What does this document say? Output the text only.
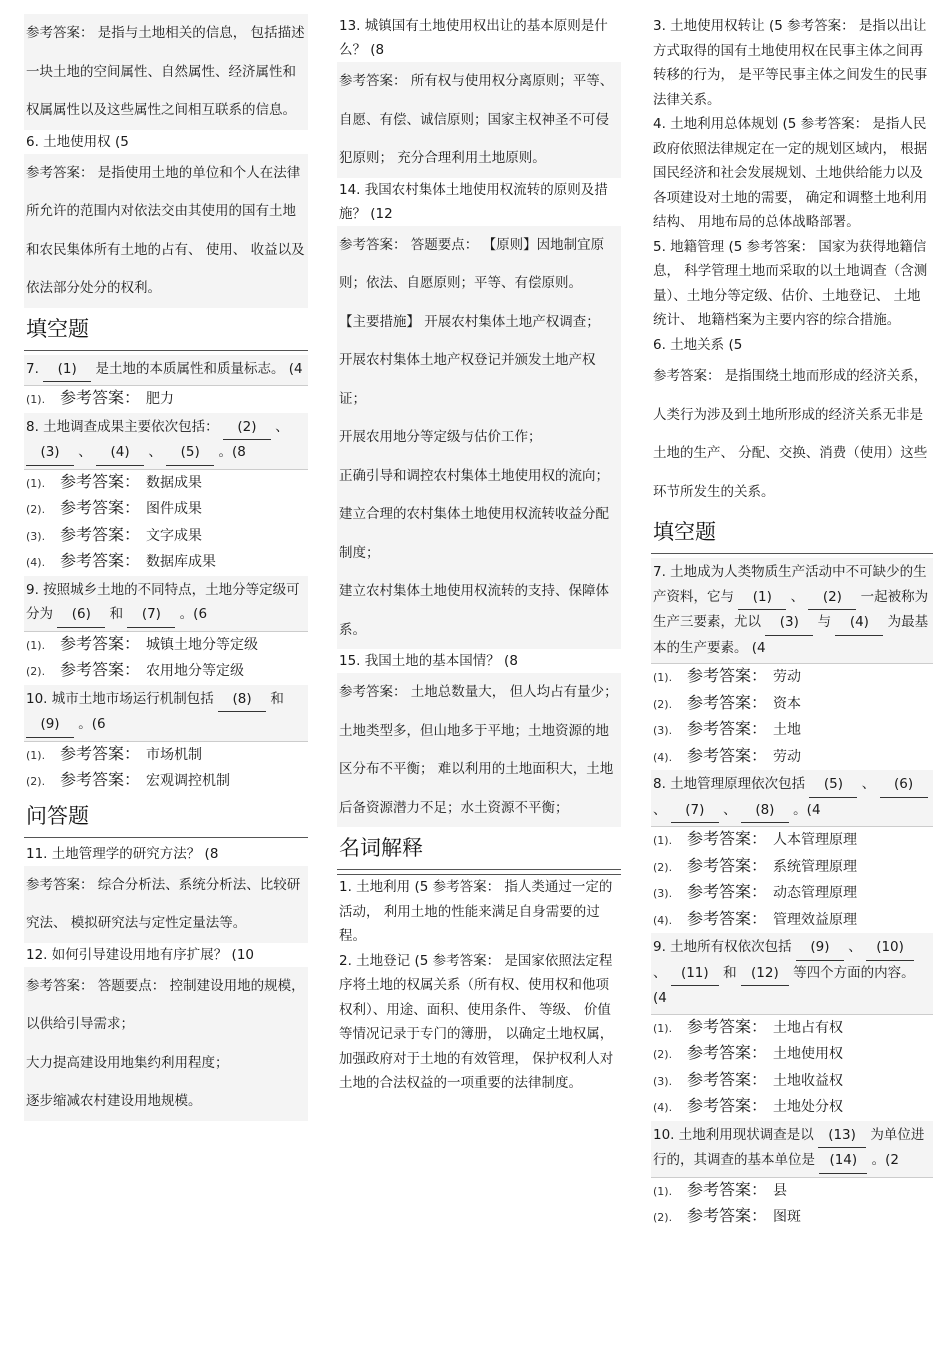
参考答案： 是指与土地相关的信息， 包括描述一块土地的空间属性、自然属性、经济属性和权属属性以及这些属性之间相互联系的信息。
6. 土地使用权 (5
参考答案： 是指使用土地的单位和个人在法律所允许的范围内对依法交由其使用的国有土地和农民集体所有土地的占有、 使用、 收益以及依法部分处分的权利。
填空题
7. (1) 是土地的本质属性和质量标志。 (4
(1). 参考答案： 肥力
8. 土地调查成果主要依次包括： (2) 、 (3) 、 (4) 、 (5) 。(8
(1). 参考答案： 数据成果
(2). 参考答案： 图件成果
(3). 参考答案： 文字成果
(4). 参考答案： 数据库成果
9. 按照城乡土地的不同特点，土地分等定级可分为 (6) 和 (7) 。(6
(1). 参考答案： 城镇土地分等定级
(2). 参考答案： 农用地分等定级
10. 城市土地市场运行机制包括 (8) 和 (9) 。(6
(1). 参考答案： 市场机制
(2). 参考答案： 宏观调控机制
问答题
11. 土地管理学的研究方法？ (8
参考答案： 综合分析法、系统分析法、比较研究法、 模拟研究法与定性定量法等。
12. 如何引导建设用地有序扩展？ (10
参考答案： 答题要点： 控制建设用地的规模，以供给引导需求；
大力提高建设用地集约利用程度；
逐步缩减农村建设用地规模。
13. 城镇国有土地使用权出让的基本原则是什么？ (8
参考答案： 所有权与使用权分离原则；平等、自愿、有偿、诚信原则；国家主权神圣不可侵犯原则； 充分合理利用土地原则。
14. 我国农村集体土地使用权流转的原则及措施？ (12
参考答案： 答题要点： 【原则】因地制宜原则；依法、自愿原则；平等、有偿原则。
【主要措施】 开展农村集体土地产权调查；
开展农村集体土地产权登记并颁发土地产权证；
开展农用地分等定级与估价工作；
正确引导和调控农村集体土地使用权的流向；
建立合理的农村集体土地使用权流转收益分配制度；
建立农村集体土地使用权流转的支持、保障体系。
15. 我国土地的基本国情？ (8
参考答案： 土地总数量大， 但人均占有量少；土地类型多，但山地多于平地；土地资源的地区分布不平衡； 难以利用的土地面积大，土地后备资源潜力不足；水土资源不平衡；
名词解释
1. 土地利用 (5 参考答案： 指人类通过一定的活动， 利用土地的性能来满足自身需要的过程。
2. 土地登记 (5 参考答案： 是国家依照法定程序将土地的权属关系（所有权、使用权和他项权利）、用途、面积、使用条件、 等级、 价值等情况记录于专门的簿册， 以确定土地权属， 加强政府对于土地的有效管理， 保护权利人对土地的合法权益的一项重要的法律制度。
3. 土地使用权转让 (5 参考答案： 是指以出让方式取得的国有土地使用权在民事主体之间再转移的行为， 是平等民事主体之间发生的民事法律关系。
4. 土地利用总体规划 (5 参考答案： 是指人民政府依照法律规定在一定的规划区域内， 根据国民经济和社会发展规划、土地供给能力以及各项建设对土地的需要， 确定和调整土地利用结构、 用地布局的总体战略部署。
5. 地籍管理 (5 参考答案： 国家为获得地籍信息， 科学管理土地而采取的以土地调查（含测量）、土地分等定级、估价、土地登记、 土地统计、 地籍档案为主要内容的综合措施。
6. 土地关系 (5
参考答案： 是指围绕土地而形成的经济关系，人类行为涉及到土地所形成的经济关系无非是土地的生产、 分配、交换、消费（使用）这些环节所发生的关系。
填空题
7. 土地成为人类物质生产活动中不可缺少的生产资料，它与 (1) 、 (2) 一起被称为生产三要素，尤以 (3) 与 (4) 为最基本的生产要素。 (4
(1). 参考答案： 劳动
(2). 参考答案： 资本
(3). 参考答案： 土地
(4). 参考答案： 劳动
8. 土地管理原理依次包括 (5) 、 (6) 、 (7) 、 (8) 。(4
(1). 参考答案： 人本管理原理
(2). 参考答案： 系统管理原理
(3). 参考答案： 动态管理原理
(4). 参考答案： 管理效益原理
9. 土地所有权依次包括 (9) 、 (10) 、 (11) 和 (12) 等四个方面的内容。 (4
(1). 参考答案： 土地占有权
(2). 参考答案： 土地使用权
(3). 参考答案： 土地收益权
(4). 参考答案： 土地处分权
10. 土地利用现状调查是以 (13) 为单位进行的，其调查的基本单位是 (14) 。(2
(1). 参考答案： 县
(2). 参考答案： 图斑
